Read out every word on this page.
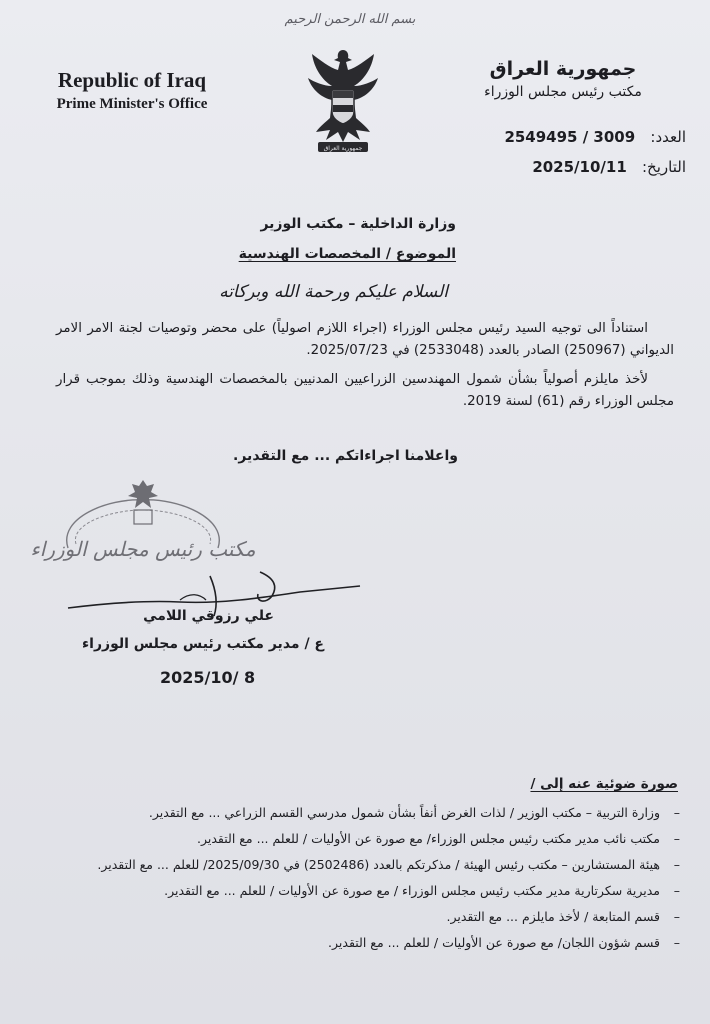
بسم الله الرحمن الرحيم
Republic of Iraq
Prime Minister's Office
جمهورية العراق
جمهورية العراق
مكتب رئيس مجلس الوزراء
العدد: 2549495 / 3009
التاريخ: 2025/10/11
وزارة الداخلية – مكتب الوزير
الموضوع / المخصصات الهندسية
السلام عليكم ورحمة الله وبركاته

استناداً الى توجيه السيد رئيس مجلس الوزراء (اجراء اللازم اصولياً) على محضر وتوصيات لجنة الامر الامر الديواني (250967) الصادر بالعدد (2533048) في 2025/07/23.

لأخذ مايلزم أصولياً بشأن شمول المهندسين الزراعيين المدنيين بالمخصصات الهندسية وذلك بموجب قرار مجلس الوزراء رقم (61) لسنة 2019.

واعلامنا اجراءاتكم ... مع التقدير.
مكتب رئيس مجلس الوزراء
علي رزوقي اللامي
ع / مدير مكتب رئيس مجلس الوزراء
2025/10/ 8
صورة ضوئية عنه إلى /
– وزارة التربية – مكتب الوزير / لذات الغرض أنفاً بشأن شمول مدرسي القسم الزراعي ... مع التقدير.
– مكتب نائب مدير مكتب رئيس مجلس الوزراء/ مع صورة عن الأوليات / للعلم ... مع التقدير.
– هيئة المستشارين – مكتب رئيس الهيئة / مذكرتكم بالعدد (2502486) في 2025/09/30/ للعلم ... مع التقدير.
– مديرية سكرتارية مدير مكتب رئيس مجلس الوزراء / مع صورة عن الأوليات / للعلم ... مع التقدير.
– قسم المتابعة / لأخذ مايلزم ... مع التقدير.
– قسم شؤون اللجان/ مع صورة عن الأوليات / للعلم ... مع التقدير.
